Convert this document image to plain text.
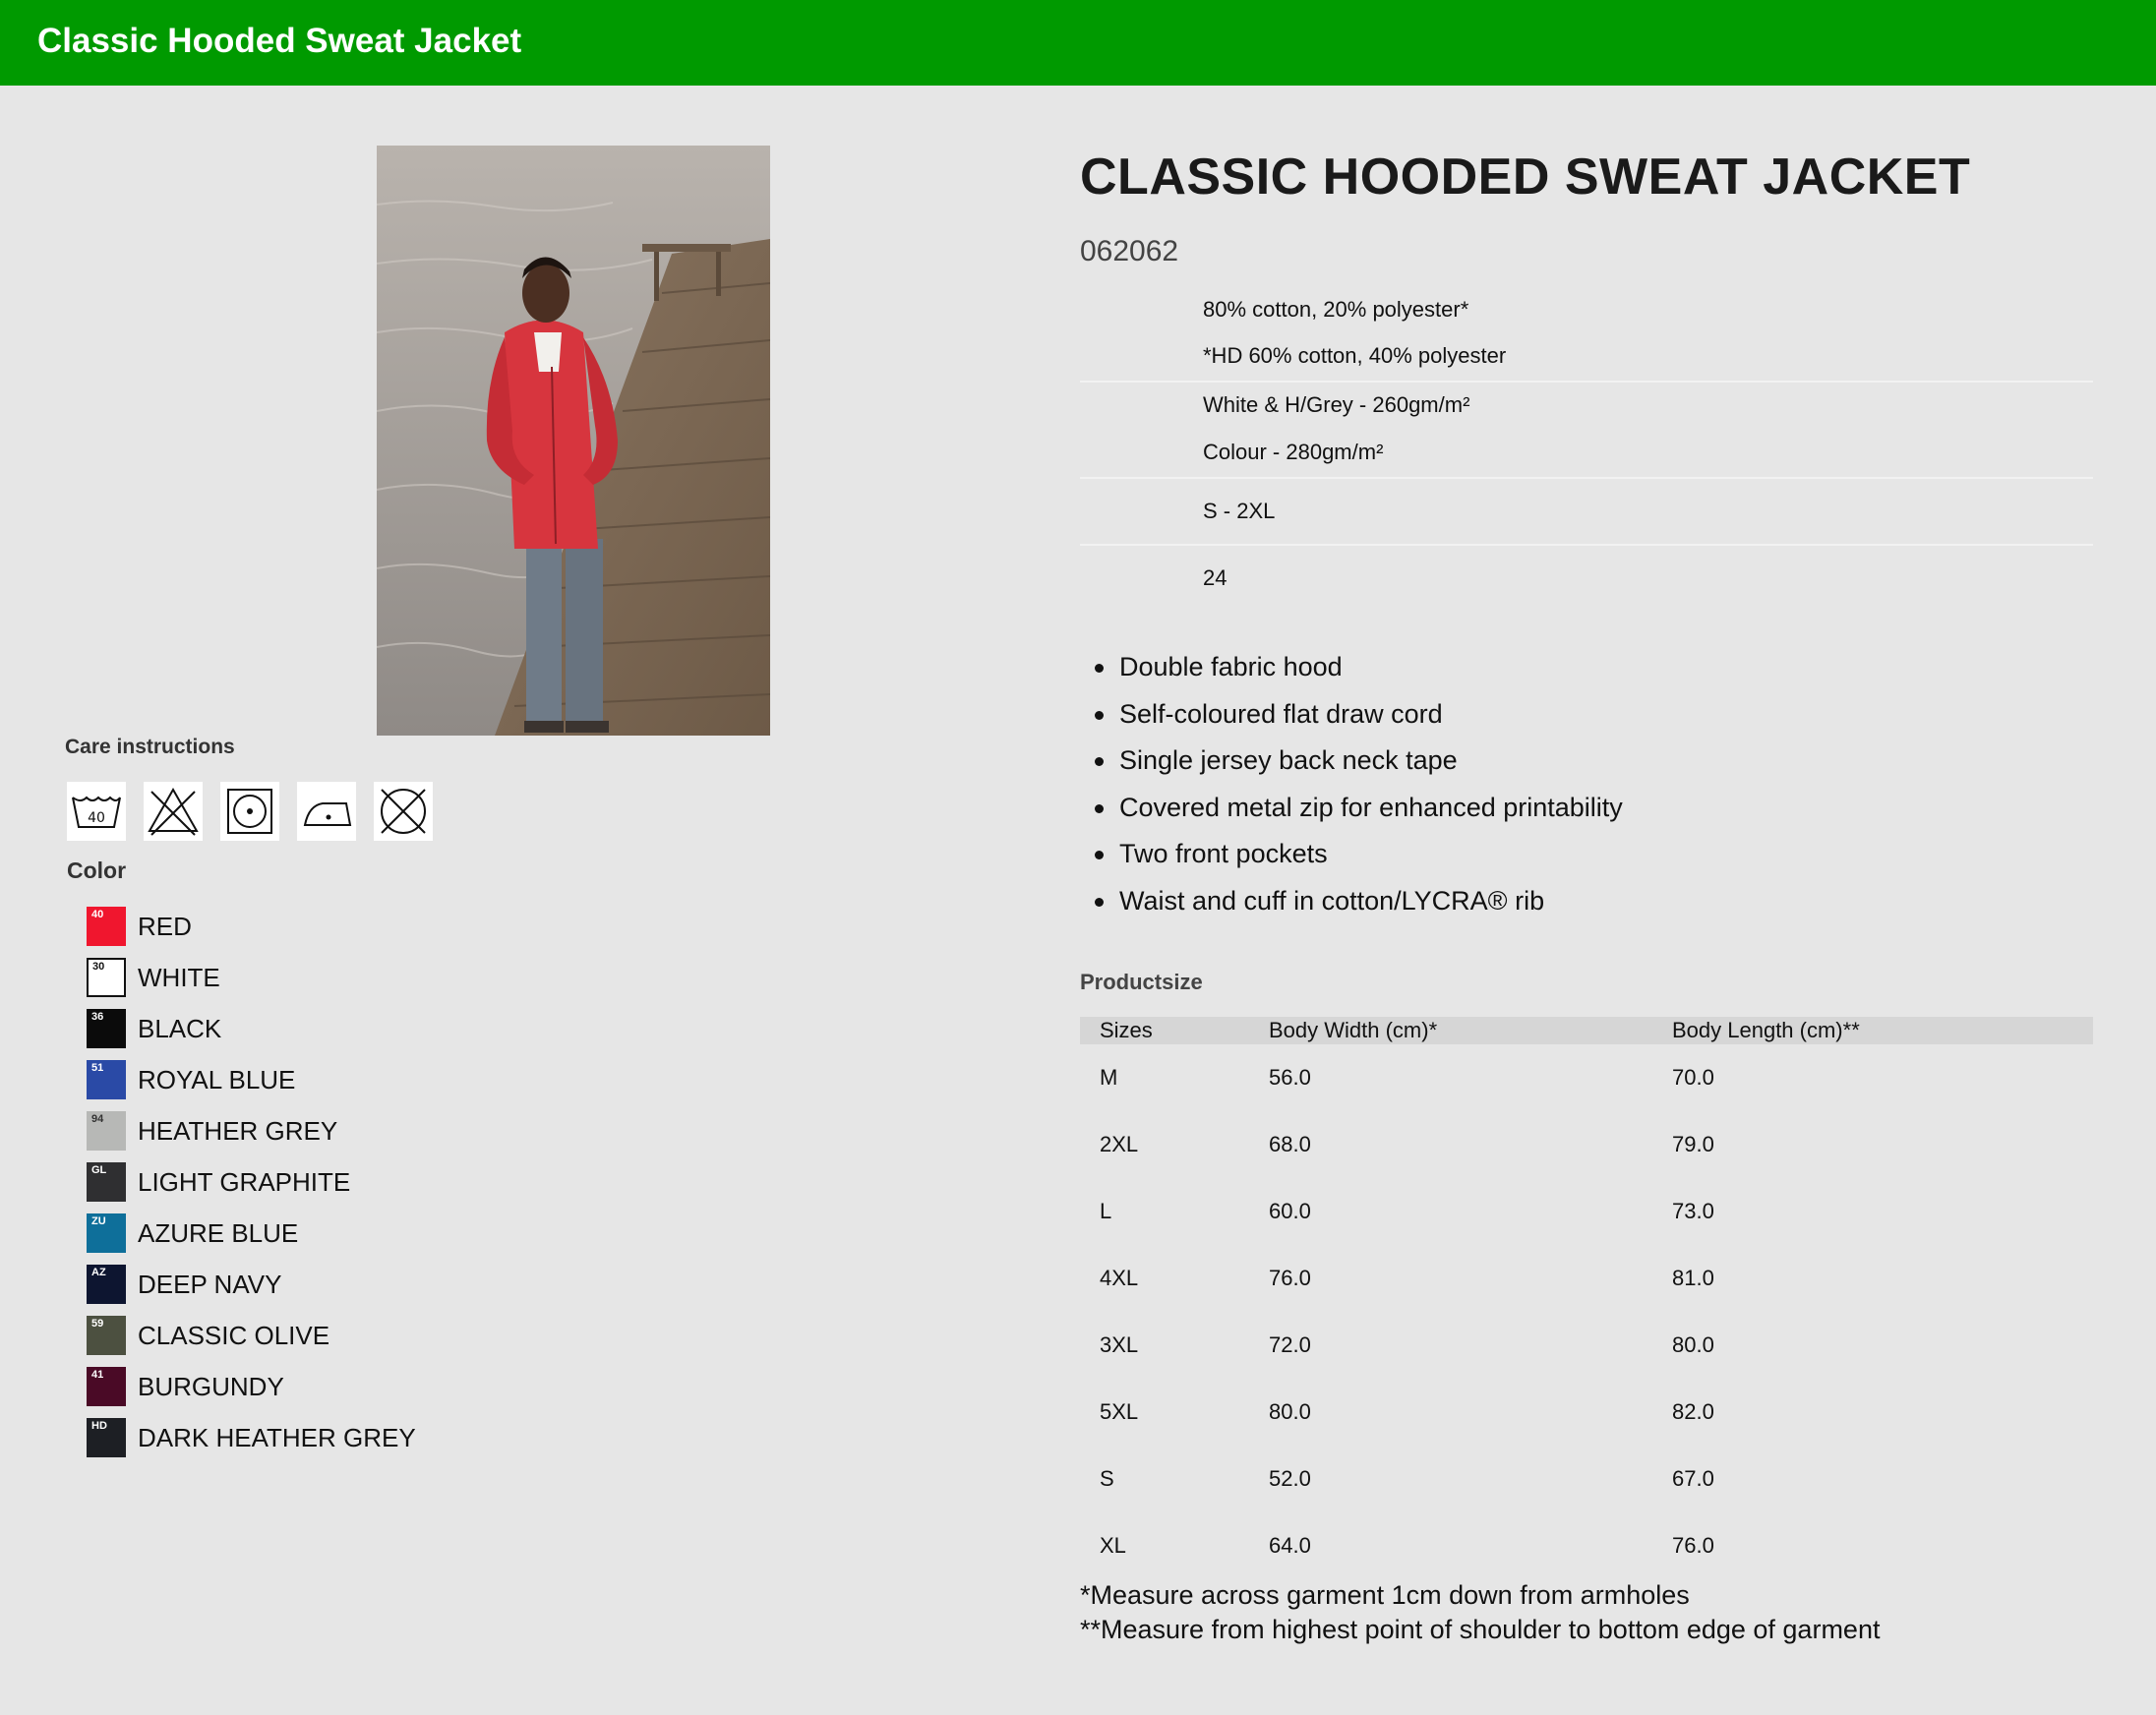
Classic Hooded Sweat Jacket
Care instructions
40
Color
40 RED
30 WHITE
36 BLACK
51 ROYAL BLUE
94 HEATHER GREY
GL LIGHT GRAPHITE
ZU AZURE BLUE
AZ DEEP NAVY
59 CLASSIC OLIVE
41 BURGUNDY
HD DARK HEATHER GREY
CLASSIC HOODED SWEAT JACKET
062062
80% cotton, 20% polyester*
*HD 60% cotton, 40% polyester
White & H/Grey - 260gm/m²
Colour - 280gm/m²
S - 2XL
24
Double fabric hood
Self-coloured flat draw cord
Single jersey back neck tape
Covered metal zip for enhanced printability
Two front pockets
Waist and cuff in cotton/LYCRA® rib
Productsize
Sizes	Body Width (cm)*	Body Length (cm)**
M	56.0	70.0
2XL	68.0	79.0
L	60.0	73.0
4XL	76.0	81.0
3XL	72.0	80.0
5XL	80.0	82.0
S	52.0	67.0
XL	64.0	76.0
*Measure across garment 1cm down from armholes
**Measure from highest point of shoulder to bottom edge of garment
